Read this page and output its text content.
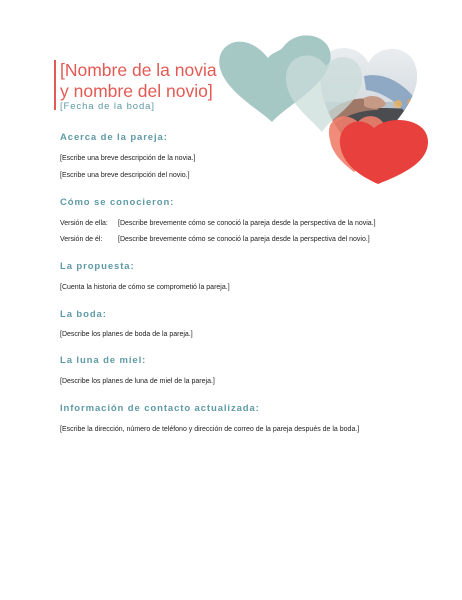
[Nombre de la novia
y nombre del novio]
[Fecha de la boda]
Acerca de la pareja:

[Escribe una breve descripción de la novia.]

[Escribe una breve descripción del novio.]

Cómo se conocieron:
Versión de ella: [Describe brevemente cómo se conoció la pareja desde la perspectiva de la novia.]
Versión de él: [Describe brevemente cómo se conoció la pareja desde la perspectiva del novio.]
La propuesta:

[Cuenta la historia de cómo se comprometió la pareja.]

La boda:

[Describe los planes de boda de la pareja.]

La luna de miel:

[Describe los planes de luna de miel de la pareja.]

Información de contacto actualizada:

[Escribe la dirección, número de teléfono y dirección de correo de la pareja después de la boda.]
